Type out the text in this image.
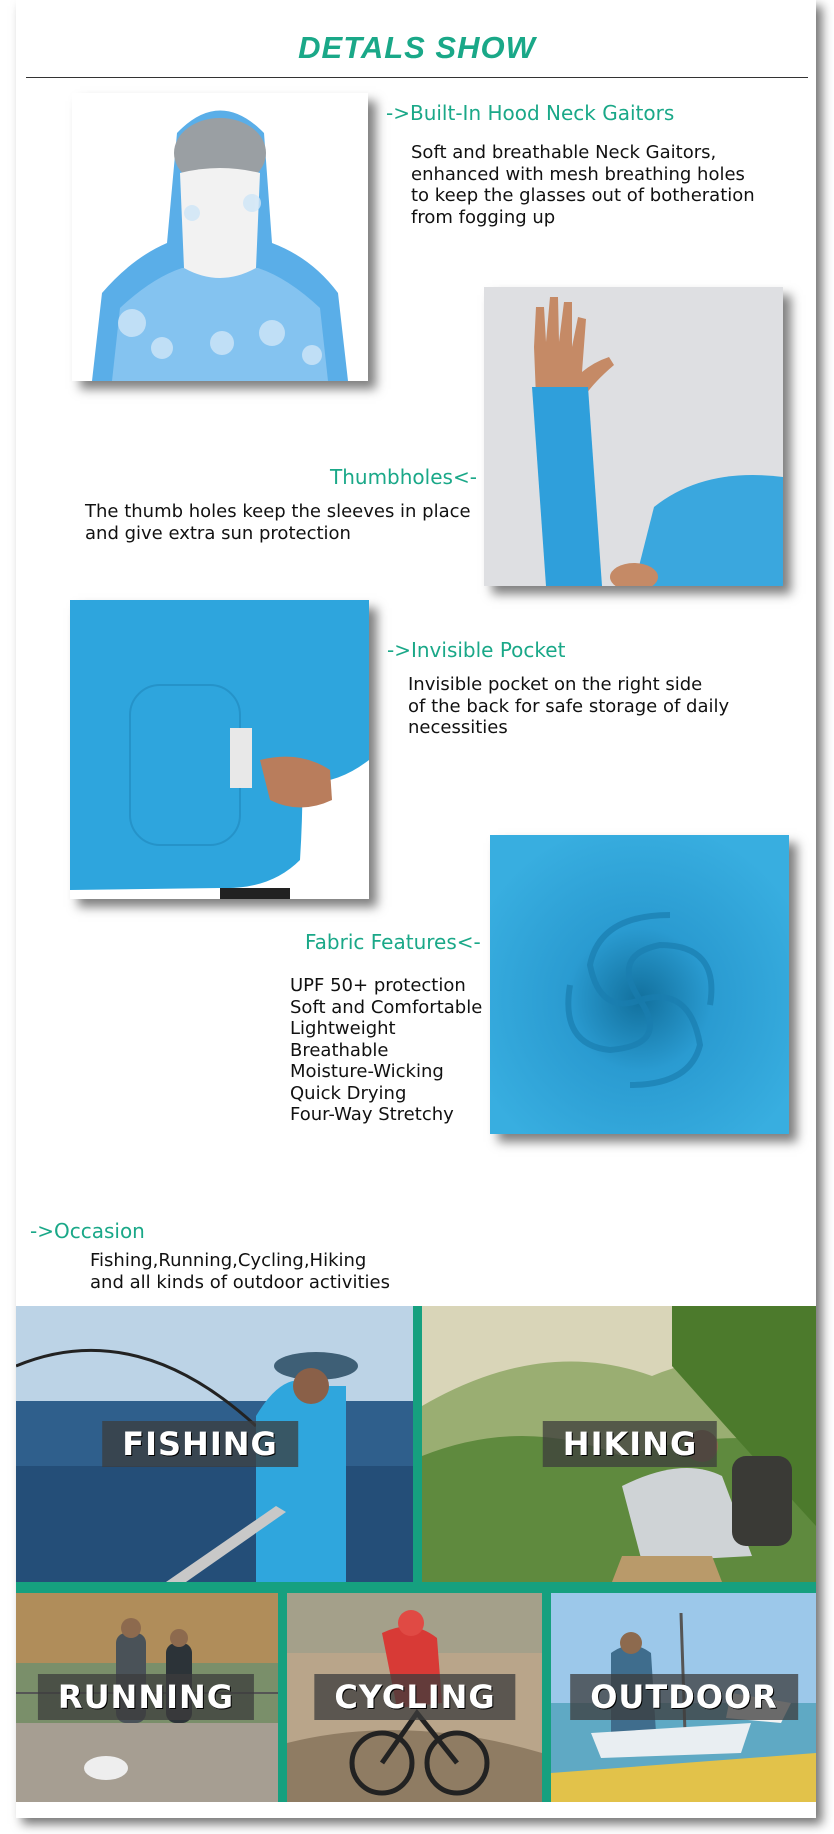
DETALS SHOW
->Built-In Hood Neck Gaitors
Soft and breathable Neck Gaitors,
enhanced with mesh breathing holes
to keep the glasses out of botheration
from fogging up
Thumbholes<-
The thumb holes keep the sleeves in place
and give extra sun protection
->Invisible Pocket
Invisible pocket on the right side
of the back for safe storage of daily
necessities
Fabric Features<-
UPF 50+ protection
Soft and Comfortable
Lightweight
Breathable
Moisture-Wicking
Quick Drying
Four-Way Stretchy
->Occasion
Fishing,Running,Cycling,Hiking
and all kinds of outdoor activities
FISHING	HIKING
RUNNING	CYCLING	OUTDOOR
